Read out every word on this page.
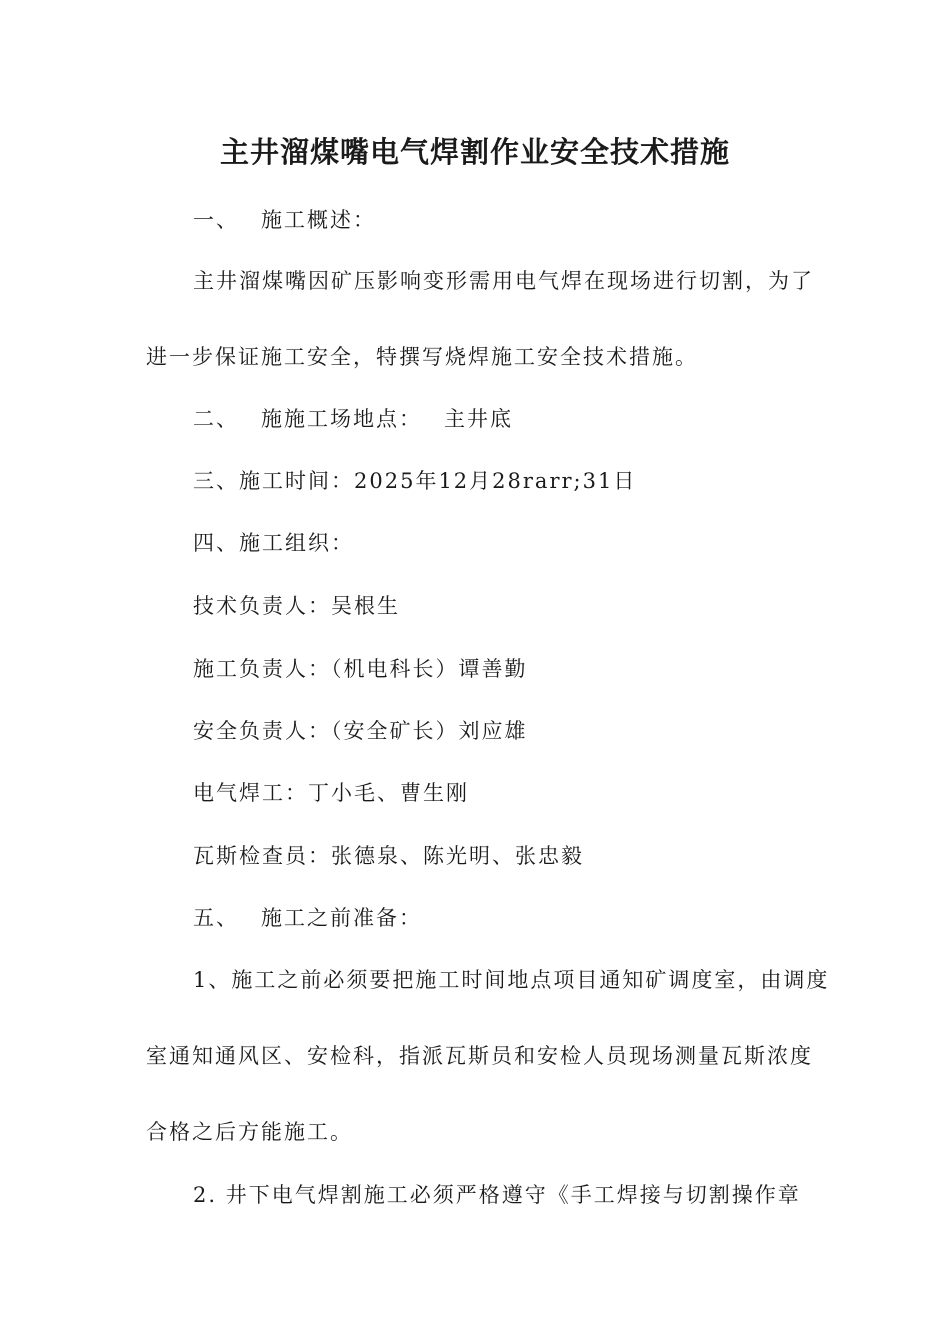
主井溜煤嘴电气焊割作业安全技术措施
一、 施工概述：
主井溜煤嘴因矿压影响变形需用电气焊在现场进行切割，为了
进一步保证施工安全，特撰写烧焊施工安全技术措施。
二、 施施工场地点： 主井底
三、施工时间：2025年12月28rarr;31日
四、施工组织：
技术负责人：吴根生
施工负责人：（机电科长）谭善勤
安全负责人：（安全矿长）刘应雄
电气焊工：丁小毛、曹生刚
瓦斯检查员：张德泉、陈光明、张忠毅
五、 施工之前准备：
1、施工之前必须要把施工时间地点项目通知矿调度室，由调度
室通知通风区、安检科，指派瓦斯员和安检人员现场测量瓦斯浓度
合格之后方能施工。
2. 井下电气焊割施工必须严格遵守《手工焊接与切割操作章
